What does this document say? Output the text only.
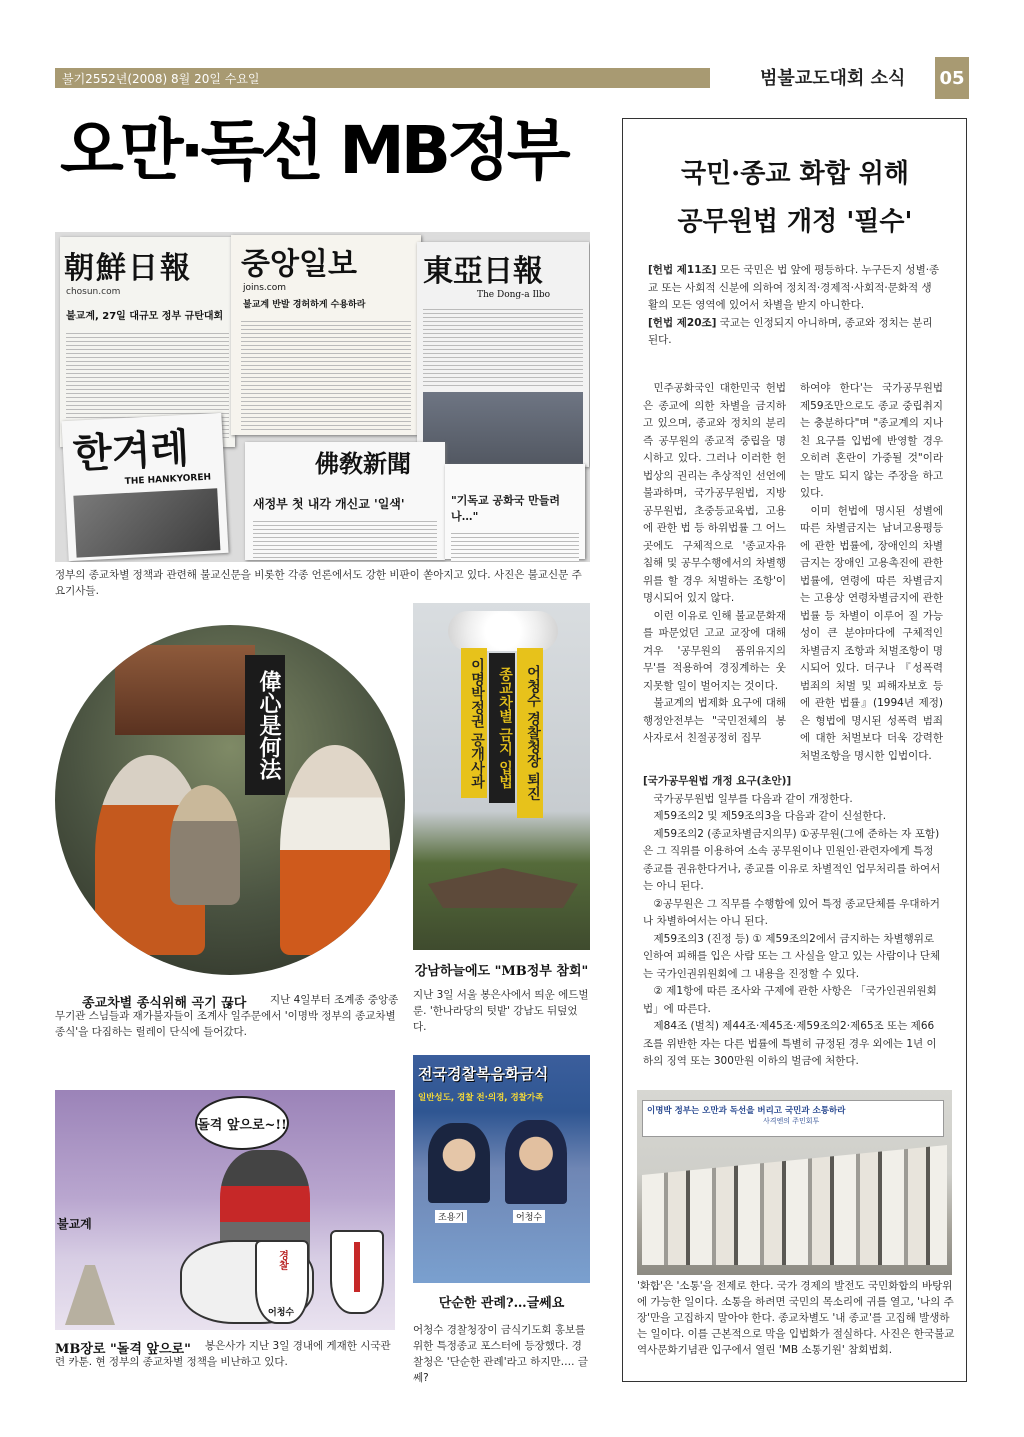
불기2552년(2008) 8월 20일 수요일	범불교도대회 소식 05
오만·독선 MB정부
朝鮮日報
chosun.com
불교계, 27일 대규모 정부 규탄대회
중앙일보
joins.com
불교계 반발 경허하게 수용하라
東亞日報
The Dong-a Ilbo
한겨레
THE HANKYOREH
佛敎新聞
새정부 첫 내각 개신교 '일색'	"기독교 공화국 만들려나…"
정부의 종교차별 정책과 관련해 불교신문을 비롯한 각종 언론에서도 강한 비판이 쏟아지고 있다. 사진은 불교신문 주요기사들.
偉心是何法
종교차별 종식위해 곡기 끊다	지난 4일부터 조계종 중앙종무기관 스님들과 재가불자들이 조계사 일주문에서 '이명박 정부의 종교차별 종식'을 다짐하는 릴레이 단식에 들어갔다.
이명박정권 공개사과 종교차별 금지 입법 어청수 경찰청장 퇴진
강남하늘에도 "MB정부 참회"
지난 3일 서울 봉은사에서 띄운 에드벌룬. '한나라당의 텃밭' 강남도 뒤덮었다.
돌격 앞으로~!!
경찰
어청수
불교계
MB장로 "돌격 앞으로"	봉은사가 지난 3일 경내에 게재한 시국관련 카툰. 현 정부의 종교차별 정책을 비난하고 있다.
전국경찰복음화금식
일반성도, 경찰 전·의경, 경찰가족
조용기	어청수
단순한 관례?…글쎄요
어청수 경찰청장이 금식기도회 홍보를 위한 특정종교 포스터에 등장했다. 경찰청은 '단순한 관례'라고 하지만…. 글쎄?
국민·종교 화합 위해
공무원법 개정 '필수'
[헌법 제11조] 모든 국민은 법 앞에 평등하다. 누구든지 성별·종교 또는 사회적 신분에 의하여 정치적·경제적·사회적·문화적 생활의 모든 영역에 있어서 차별을 받지 아니한다.
[헌법 제20조] 국교는 인정되지 아니하며, 종교와 정치는 분리된다.

민주공화국인 대한민국 헌법은 종교에 의한 차별을 금지하고 있으며, 종교와 정치의 분리 즉 공무원의 종교적 중립을 명시하고 있다. 그러나 이러한 헌법상의 권리는 추상적인 선언에 불과하며, 국가공무원법, 지방공무원법, 초중등교육법, 고용에 관한 법 등 하위법률 그 어느 곳에도 구체적으로 '종교자유 침해 및 공무수행에서의 차별행위를 할 경우 처벌하는 조항'이 명시되어 있지 않다.

이런 이유로 인해 불교문화재를 파문었던 고교 교장에 대해 겨우 '공무원의 품위유지의무'를 적용하여 경징계하는 웃지못할 일이 벌어지는 것이다.

불교계의 법제화 요구에 대해 행정안전부는 "국민전체의 봉사자로서 친절공정히 집무

하여야 한다'는 국가공무원법 제59조만으로도 종교 중립취지는 충분하다"며 "종교계의 지나친 요구를 입법에 반영할 경우 오히려 혼란이 가중될 것"이라는 말도 되지 않는 주장을 하고 있다.

이미 헌법에 명시된 성별에 따른 차별금지는 남녀고용평등에 관한 법률에, 장애인의 차별금지는 장애인 고용촉진에 관한 법률에, 연령에 따른 차별금지는 고용상 연령차별금지에 관한 법률 등 차별이 이루어 질 가능성이 큰 분야마다에 구체적인 차별금지 조항과 처벌조항이 명시되어 있다. 더구나 『성폭력범죄의 처벌 및 피해자보호 등에 관한 법률』(1994년 제정)은 형법에 명시된 성폭력 범죄에 대한 처벌보다 더욱 강력한 처벌조항을 명시한 입법이다.

[국가공무원법 개정 요구(초안)]

국가공무원법 일부를 다음과 같이 개정한다.

제59조의2 및 제59조의3을 다음과 같이 신설한다.

제59조의2 (종교차별금지의무) ①공무원(그에 준하는 자 포함)은 그 직위를 이용하여 소속 공무원이나 민원인·관련자에게 특정 종교를 권유한다거나, 종교를 이유로 차별적인 업무처리를 하여서는 아니 된다.

②공무원은 그 직무를 수행함에 있어 특정 종교단체를 우대하거나 차별하여서는 아니 된다.

제59조의3 (진정 등) ① 제59조의2에서 금지하는 차별행위로 인하여 피해를 입은 사람 또는 그 사실을 알고 있는 사람이나 단체는 국가인권위원회에 그 내용을 진정할 수 있다.

② 제1항에 따른 조사와 구제에 관한 사항은 「국가인권위원회법」에 따른다.

제84조 (벌칙) 제44조·제45조·제59조의2·제65조 또는 제66조를 위반한 자는 다른 법률에 특별히 규정된 경우 외에는 1년 이하의 징역 또는 300만원 이하의 벌금에 처한다.

이명박 정부는 오만과 독선을 버리고 국민과 소통하라
사격엔의 주민회투
'화합'은 '소통'을 전제로 한다. 국가 경제의 발전도 국민화합의 바탕위에 가능한 일이다. 소통을 하려면 국민의 목소리에 귀를 열고, '나의 주장'만을 고집하지 말아야 한다. 종교차별도 '내 종교'를 고집해 발생하는 일이다. 이를 근본적으로 막을 입법화가 절실하다. 사진은 한국불교역사문화기념관 입구에서 열린 'MB 소통기원' 참회법회.
